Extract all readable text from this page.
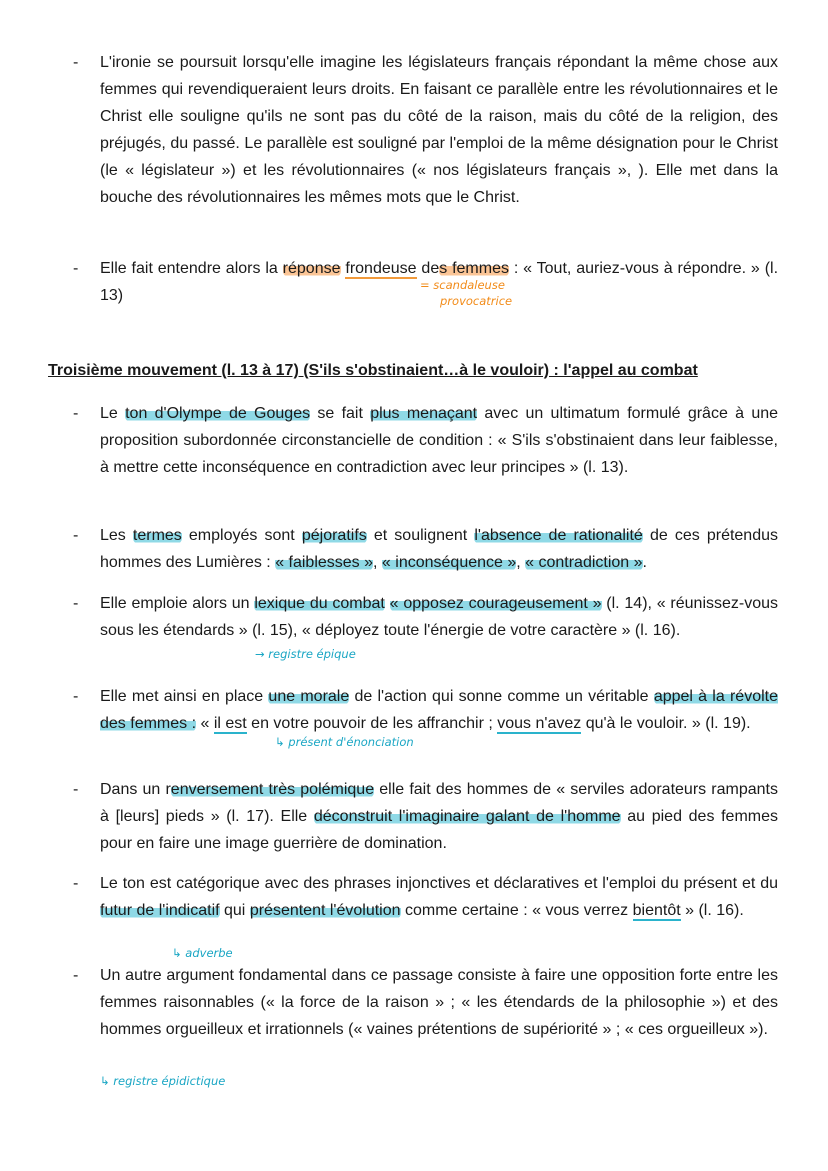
Troisième mouvement (l. 13 à 17) (S'ils s'obstinaient…à le vouloir) : l'appel au combat
= scandaleuse
provocatrice
→ registre épique
↳ présent d'énonciation
↳ adverbe
↳ registre épidictique
- L'ironie se poursuit lorsqu'elle imagine les législateurs français répondant la même chose aux femmes qui revendiqueraient leurs droits. En faisant ce parallèle entre les révolutionnaires et le Christ elle souligne qu'ils ne sont pas du côté de la raison, mais du côté de la religion, des préjugés, du passé. Le parallèle est souligné par l'emploi de la même désignation pour le Christ (le « législateur ») et les révolutionnaires (« nos législateurs français », ). Elle met dans la bouche des révolutionnaires les mêmes mots que le Christ.
- Elle fait entendre alors la réponse frondeuse des femmes : « Tout, auriez-vous à répondre. » (l. 13)
- Le ton d'Olympe de Gouges se fait plus menaçant avec un ultimatum formulé grâce à une proposition subordonnée circonstancielle de condition : « S'ils s'obstinaient dans leur faiblesse, à mettre cette inconséquence en contradiction avec leur principes » (l. 13).
- Les termes employés sont péjoratifs et soulignent l'absence de rationalité de ces prétendus hommes des Lumières : « faiblesses », « inconséquence », « contradiction ».
- Elle emploie alors un lexique du combat « opposez courageusement » (l. 14), « réunissez-vous sous les étendards » (l. 15), « déployez toute l'énergie de votre caractère » (l. 16).
- Elle met ainsi en place une morale de l'action qui sonne comme un véritable appel à la révolte des femmes : « il est en votre pouvoir de les affranchir ; vous n'avez qu'à le vouloir. » (l. 19).
- Dans un renversement très polémique elle fait des hommes de « serviles adorateurs rampants à [leurs] pieds » (l. 17). Elle déconstruit l'imaginaire galant de l'homme au pied des femmes pour en faire une image guerrière de domination.
- Le ton est catégorique avec des phrases injonctives et déclaratives et l'emploi du présent et du futur de l'indicatif qui présentent l'évolution comme certaine : « vous verrez bientôt » (l. 16).
- Un autre argument fondamental dans ce passage consiste à faire une opposition forte entre les femmes raisonnables (« la force de la raison » ; « les étendards de la philosophie ») et des hommes orgueilleux et irrationnels (« vaines prétentions de supériorité » ; « ces orgueilleux »).
